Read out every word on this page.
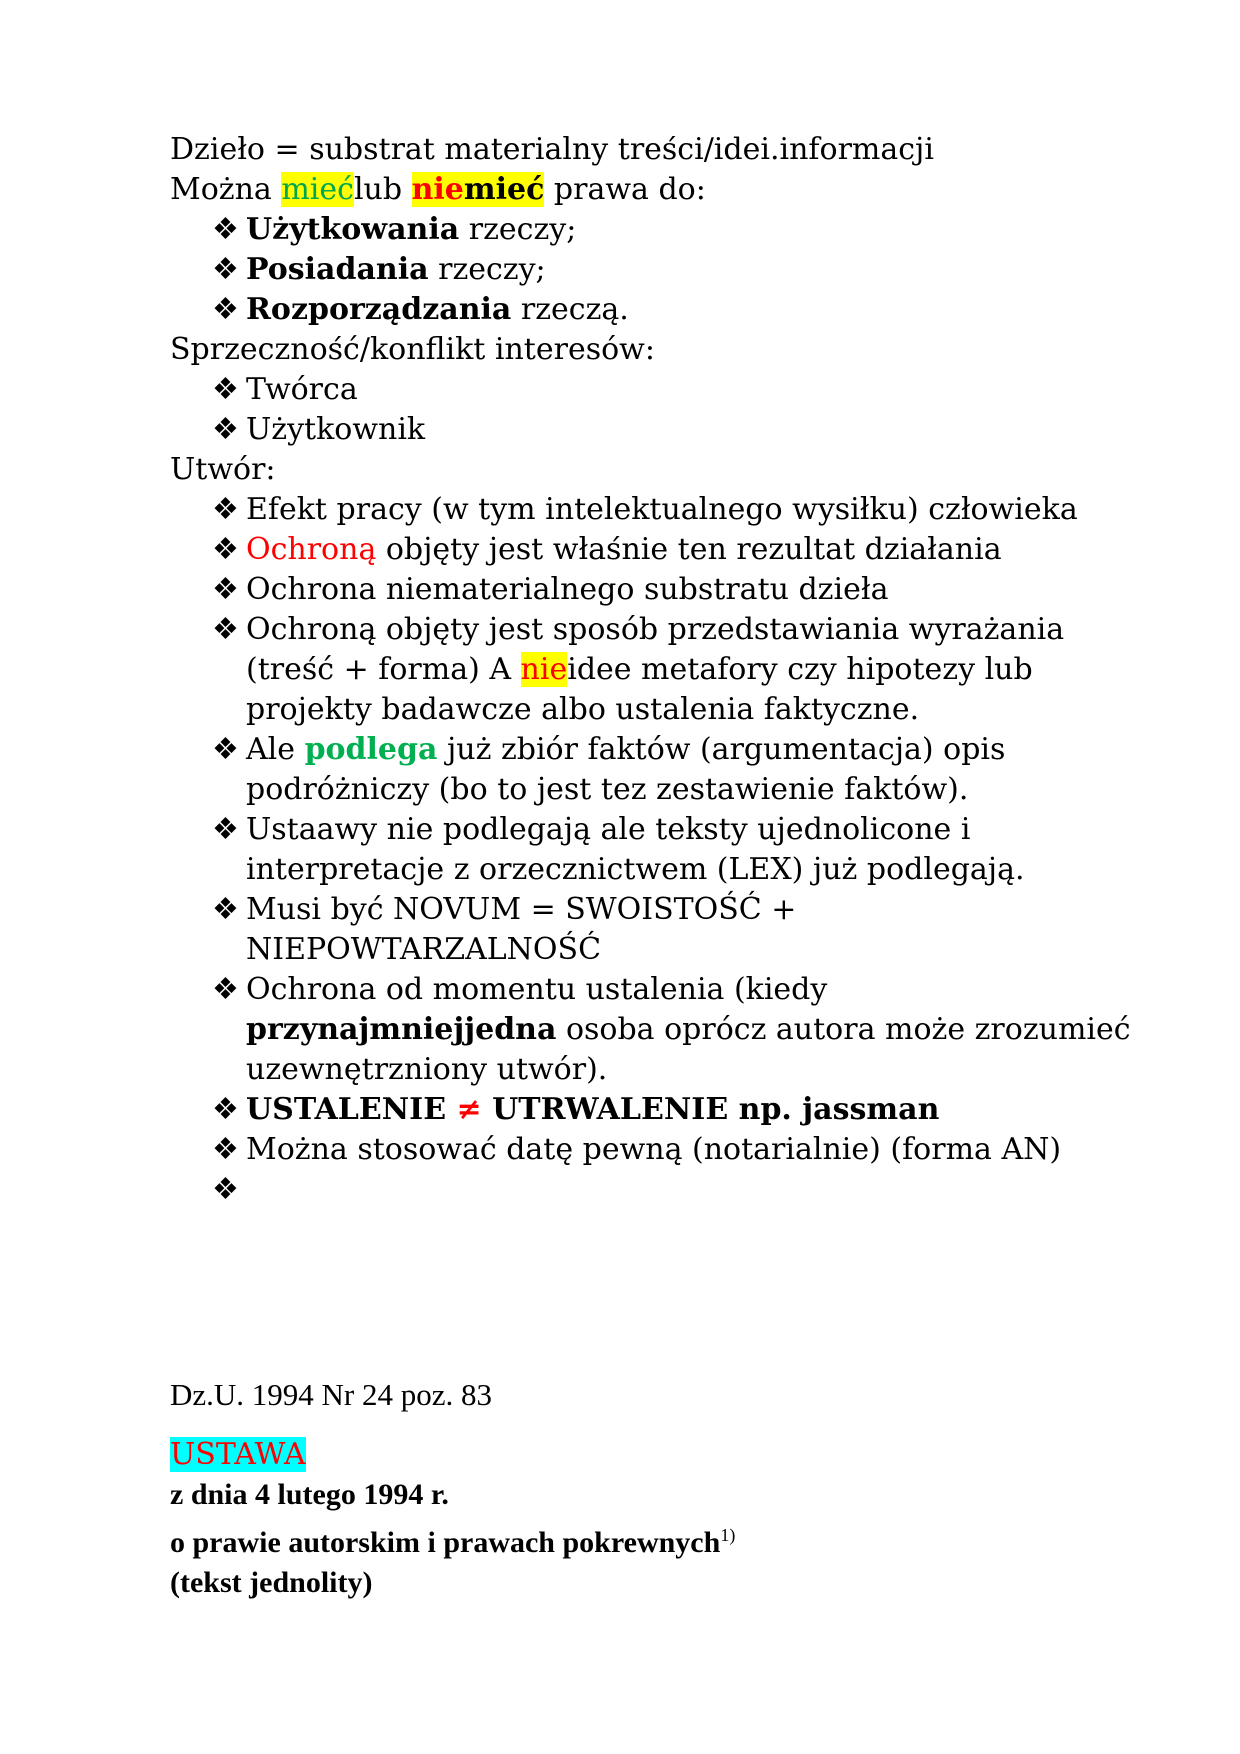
Dzieło = substrat materialny treści/idei.informacji
Można miećlub niemieć prawa do:
❖ Użytkowania rzeczy;
❖ Posiadania rzeczy;
❖ Rozporządzania rzeczą.
Sprzeczność/konflikt interesów:
❖ Twórca
❖ Użytkownik
Utwór:
❖ Efekt pracy (w tym intelektualnego wysiłku) człowieka
❖ Ochroną objęty jest właśnie ten rezultat działania
❖ Ochrona niematerialnego substratu dzieła
❖ Ochroną objęty jest sposób przedstawiania wyrażania (treść + forma) A nieidee metafory czy hipotezy lub projekty badawcze albo ustalenia faktyczne.
❖ Ale podlega już zbiór faktów (argumentacja) opis podróżniczy (bo to jest tez zestawienie faktów).
❖ Ustaawy nie podlegają ale teksty ujednolicone i interpretacje z orzecznictwem (LEX) już podlegają.
❖ Musi być NOVUM = SWOISTOŚĆ + NIEPOWTARZALNOŚĆ
❖ Ochrona od momentu ustalenia (kiedy przynajmniejjedna osoba oprócz autora może zrozumieć uzewnętrzniony utwór).
❖ USTALENIE ≠ UTRWALENIE np. jassman
❖ Można stosować datę pewną (notarialnie) (forma AN)
❖

Dz.U. 1994 Nr 24 poz. 83
USTAWA
z dnia 4 lutego 1994 r.
o prawie autorskim i prawach pokrewnych$^{1)}$
(tekst jednolity)
